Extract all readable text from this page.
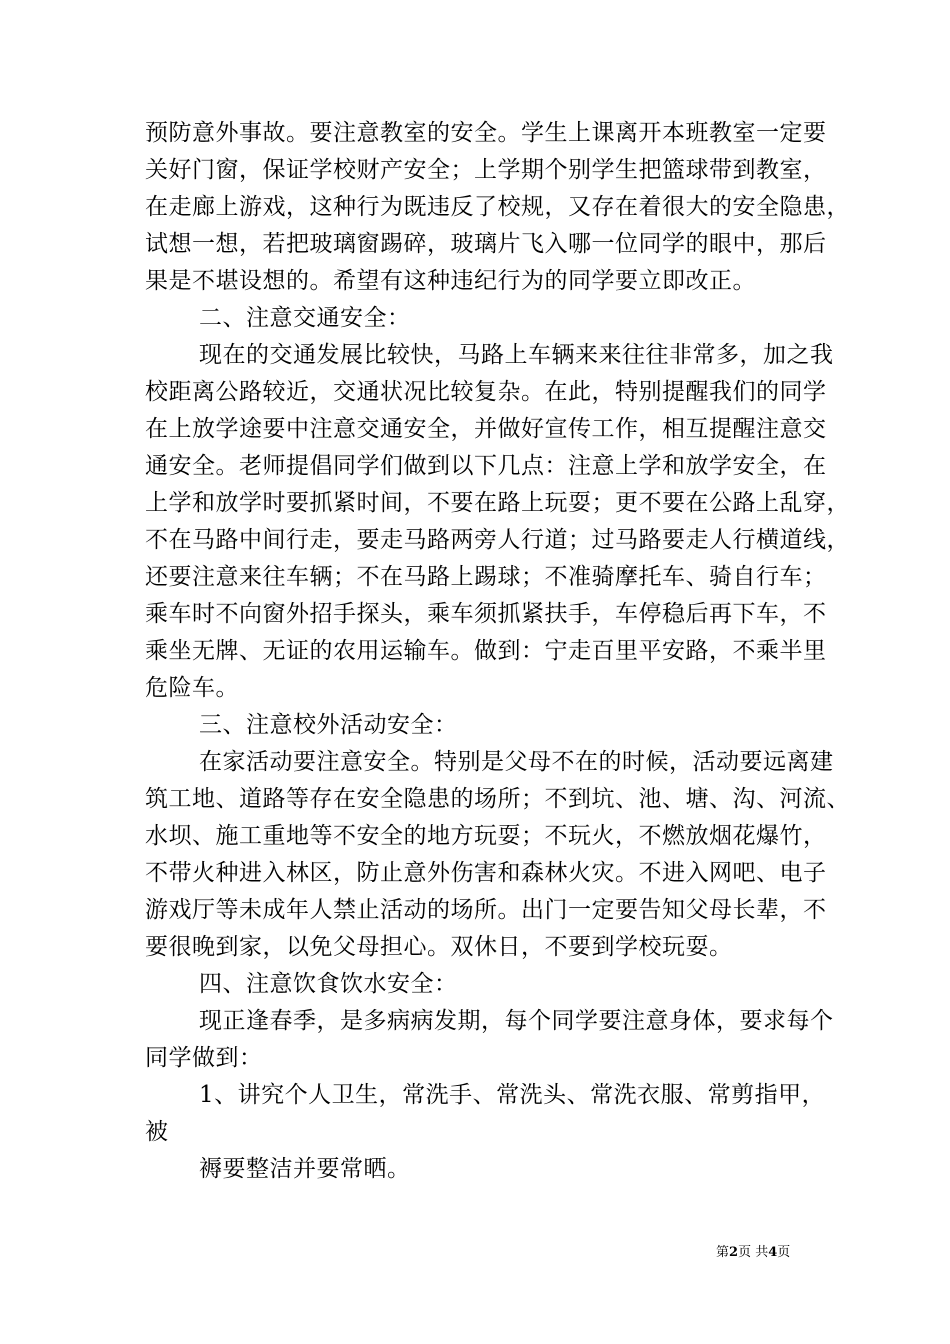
预防意外事故。要注意教室的安全。学生上课离开本班教室一定要
关好门窗，保证学校财产安全；上学期个别学生把篮球带到教室，
在走廊上游戏，这种行为既违反了校规，又存在着很大的安全隐患，
试想一想，若把玻璃窗踢碎，玻璃片飞入哪一位同学的眼中，那后
果是不堪设想的。希望有这种违纪行为的同学要立即改正。
二、注意交通安全：
现在的交通发展比较快，马路上车辆来来往往非常多，加之我
校距离公路较近，交通状况比较复杂。在此，特别提醒我们的同学
在上放学途要中注意交通安全，并做好宣传工作，相互提醒注意交
通安全。老师提倡同学们做到以下几点：注意上学和放学安全，在
上学和放学时要抓紧时间，不要在路上玩耍；更不要在公路上乱穿，
不在马路中间行走，要走马路两旁人行道；过马路要走人行横道线，
还要注意来往车辆；不在马路上踢球；不准骑摩托车、骑自行车；
乘车时不向窗外招手探头，乘车须抓紧扶手，车停稳后再下车，不
乘坐无牌、无证的农用运输车。做到：宁走百里平安路，不乘半里
危险车。
三、注意校外活动安全：
在家活动要注意安全。特别是父母不在的时候，活动要远离建
筑工地、道路等存在安全隐患的场所；不到坑、池、塘、沟、河流、
水坝、施工重地等不安全的地方玩耍；不玩火，不燃放烟花爆竹，
不带火种进入林区，防止意外伤害和森林火灾。不进入网吧、电子
游戏厅等未成年人禁止活动的场所。出门一定要告知父母长辈，不
要很晚到家，以免父母担心。双休日，不要到学校玩耍。
四、注意饮食饮水安全：
现正逢春季，是多病病发期，每个同学要注意身体，要求每个
同学做到：
1、讲究个人卫生，常洗手、常洗头、常洗衣服、常剪指甲，
被
褥要整洁并要常晒。
第2页 共4页
